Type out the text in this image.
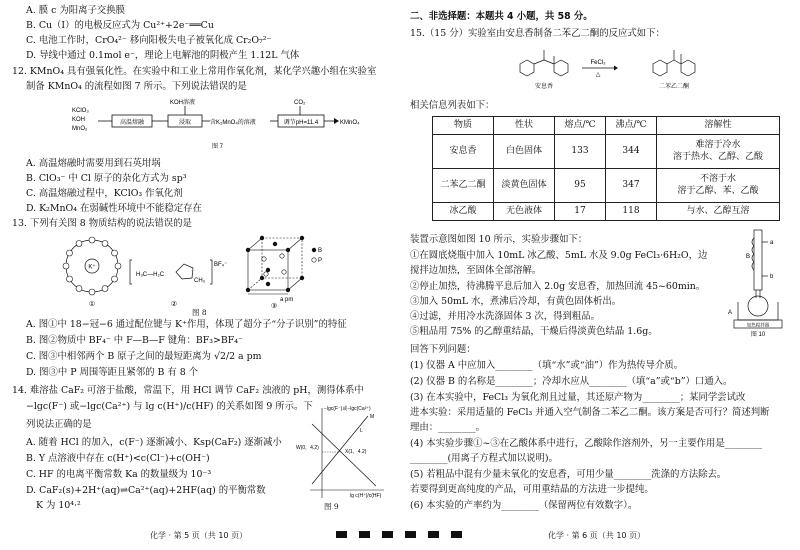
A. 膜 c 为阳离子交换膜
B. Cu（Ⅰ）的电极反应式为 Cu²⁺+2e⁻══Cu
C. 电池工作时，CrO₄²⁻ 移向阳极失电子被氧化成 Cr₂O₇²⁻
D. 导线中通过 0.1mol e⁻，理论上电解池的阴极产生 1.12L 气体
12. KMnO₄ 具有强氧化性。在实验中和工业上常用作氧化剂，某化学兴趣小组在实验室
制备 KMnO₄ 的流程如图 7 所示。下列说法错误的是
KClO₃
KOH
MnO₂
高温熔融
KOH溶液
浸取	含K₂MnO₄的溶液
CO₂
调节pH=11.4	KMnO₄
图 7
A. 高温熔融时需要用到石英坩埚
B. ClO₃⁻ 中 Cl 原子的杂化方式为 sp³
C. 高温熔融过程中，KClO₃ 作氧化剂
D. K₂MnO₄ 在弱碱性环境中不能稳定存在
13. 下列有关图 8 物质结构的说法错误的是
K⁺
①
H₃C—H₂C
CH₃
BF₄⁻
②
B
P
a pm
③
图 8
A. 图①中 18−冠−6 通过配位键与 K⁺作用，体现了超分子“分子识别”的特征
B. 图②物质中 BF₄⁻ 中 F—B—F 键角：BF₃>BF₄⁻
C. 图③中相邻两个 B 原子之间的最短距离为 √2/2 a pm
D. 图③中 P 周围等距且紧邻的 B 有 8 个
14. 难溶盐 CaF₂ 可溶于盐酸，常温下，用 HCl 调节 CaF₂ 浊液的 pH，测得体系中
−lgc(F⁻) 或−lgc(Ca²⁺) 与 lg c(H⁺)/c(HF) 的关系如图 9 所示。下
列说法正确的是
A. 随着 HCl 的加入，c(F⁻) 逐渐减小、Ksp(CaF₂) 逐渐减小
B. Y 点溶液中存在 c(H⁺)<c(Cl⁻)+c(OH⁻)
C. HF 的电离平衡常数 Ka 的数量级为 10⁻³
D. CaF₂(s)+2H⁺(aq)⇌Ca²⁺(aq)+2HF(aq) 的平衡常数
K 为 10⁴·²
−lgc(F⁻)或−lgc(Ca²⁺)
W(0，4.2)
X(1，4.2)
M
L
lg c(H⁺)/c(HF)
图 9
化学 · 第 5 页（共 10 页）
二、非选择题：本题共 4 小题，共 58 分。
15.（15 分）实验室由安息香制备二苯乙二酮的反应式如下：
FeCl₃
△
安息香	二苯乙二酮
相关信息列表如下：
物质	性状	熔点/℃	沸点/℃	溶解性
安息香	白色固体	133	344	难溶于冷水
溶于热水、乙醇、乙酸

二苯乙二酮	淡黄色固体	95	347	不溶于水
溶于乙醇、苯、乙酸

冰乙酸	无色液体	17	118	与水、乙醇互溶
装置示意图如图 10 所示，实验步骤如下：
①在圆底烧瓶中加入 10mL 冰乙酸、5mL 水及 9.0g FeCl₃·6H₂O，边
搅拌边加热，至固体全部溶解。
②停止加热，待沸腾平息后加入 2.0g 安息香，加热回流 45~60min。
③加入 50mL 水，煮沸后冷却，有黄色固体析出。
④过滤，并用冷水洗涤固体 3 次，得到粗品。
⑤粗品用 75% 的乙醇重结晶，干燥后得淡黄色结晶 1.6g。
a
b
B
A
加热搅拌器
图 10
回答下列问题：
(1) 仪器 A 中应加入________（填“水”或“油”）作为热传导介质。
(2) 仪器 B 的名称是________；冷却水应从________（填“a”或“b”）口通入。
(3) 在本实验中，FeCl₃ 为氧化剂且过量，其还原产物为________；某同学尝试改
进本实验：采用适量的 FeCl₃ 并通入空气制备二苯乙二酮。该方案是否可行？简述判断
理由：________。
(4) 本实验步骤①~③在乙酸体系中进行，乙酸除作溶剂外，另一主要作用是________
________(用离子方程式加以说明)。
(5) 若粗品中混有少量未氧化的安息香，可用少量________洗涤的方法除去。
若要得到更高纯度的产品，可用重结晶的方法进一步提纯。
(6) 本实验的产率约为________（保留两位有效数字）。
化学 · 第 6 页（共 10 页）
